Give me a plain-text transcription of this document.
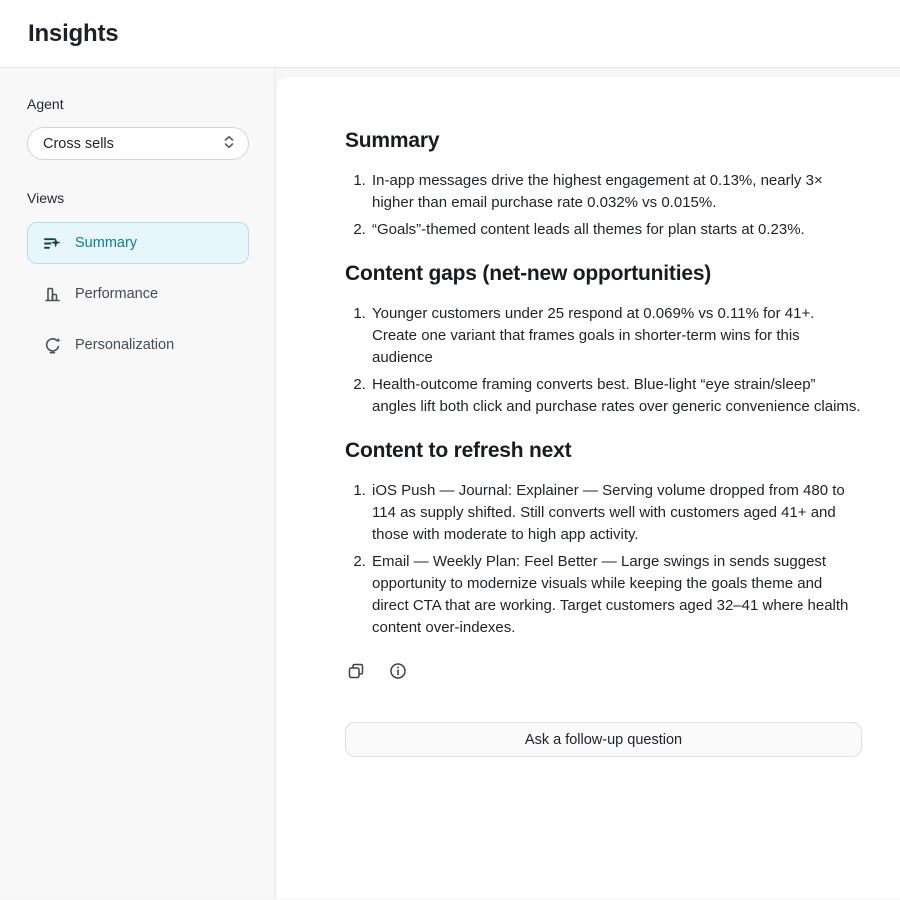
Insights
Agent
Cross sells
Views
Summary
Performance
Personalization
Summary
1. In-app messages drive the highest engagement at 0.13%, nearly 3× higher than email purchase rate 0.032% vs 0.015%.
2. “Goals”-themed content leads all themes for plan starts at 0.23%.
Content gaps (net-new opportunities)
1. Younger customers under 25 respond at 0.069% vs 0.11% for 41+. Create one variant that frames goals in shorter-term wins for this audience
2. Health-outcome framing converts best. Blue-light “eye strain/sleep” angles lift both click and purchase rates over generic convenience claims.
Content to refresh next
1. iOS Push — Journal: Explainer — Serving volume dropped from 480 to 114 as supply shifted. Still converts well with customers aged 41+ and those with moderate to high app activity.
2. Email — Weekly Plan: Feel Better — Large swings in sends suggest opportunity to modernize visuals while keeping the goals theme and direct CTA that are working. Target customers aged 32–41 where health content over-indexes.
Ask a follow-up question
